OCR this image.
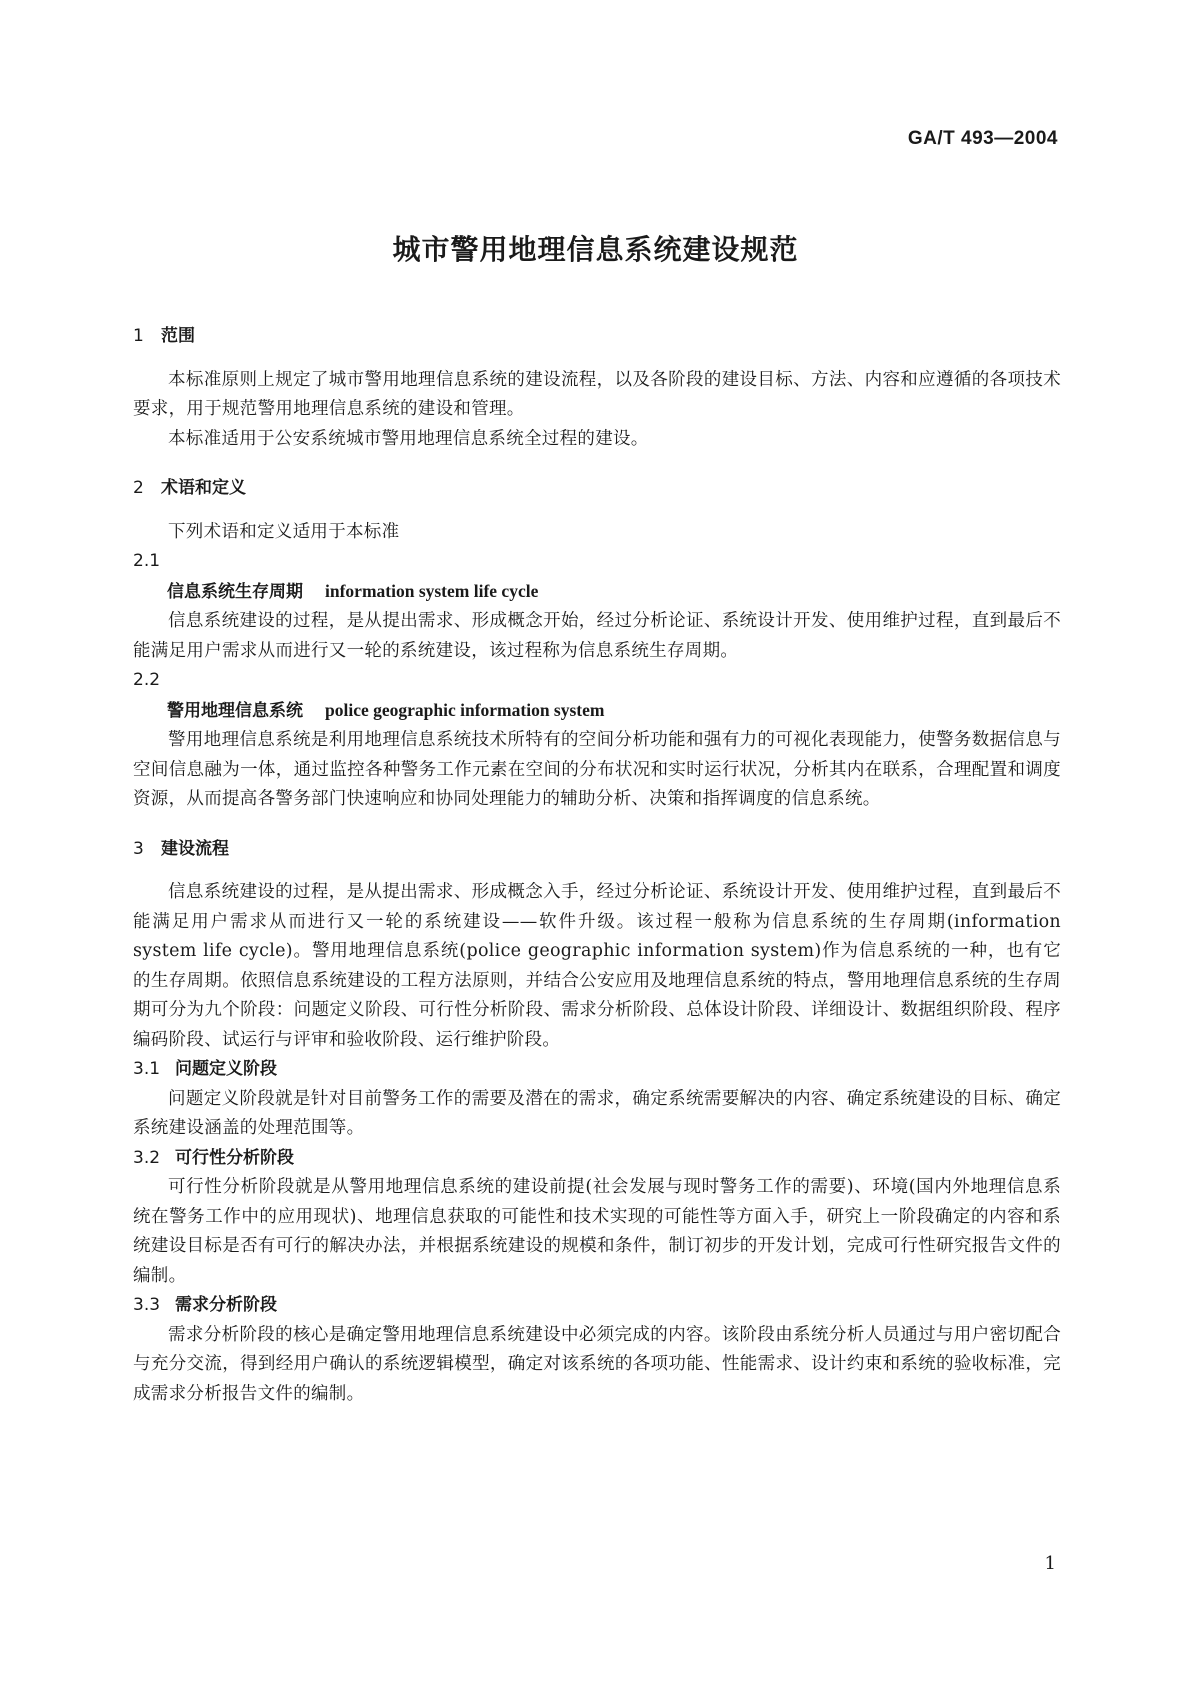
GA/T 493—2004
城市警用地理信息系统建设规范
1 范围

本标准原则上规定了城市警用地理信息系统的建设流程，以及各阶段的建设目标、方法、内容和应遵循的各项技术要求，用于规范警用地理信息系统的建设和管理。

本标准适用于公安系统城市警用地理信息系统全过程的建设。

2 术语和定义

下列术语和定义适用于本标准

2.1

信息系统生存周期 information system life cycle

信息系统建设的过程，是从提出需求、形成概念开始，经过分析论证、系统设计开发、使用维护过程，直到最后不能满足用户需求从而进行又一轮的系统建设，该过程称为信息系统生存周期。

2.2

警用地理信息系统 police geographic information system

警用地理信息系统是利用地理信息系统技术所特有的空间分析功能和强有力的可视化表现能力，使警务数据信息与空间信息融为一体，通过监控各种警务工作元素在空间的分布状况和实时运行状况，分析其内在联系，合理配置和调度资源，从而提高各警务部门快速响应和协同处理能力的辅助分析、决策和指挥调度的信息系统。

3 建设流程

信息系统建设的过程，是从提出需求、形成概念入手，经过分析论证、系统设计开发、使用维护过程，直到最后不能满足用户需求从而进行又一轮的系统建设——软件升级。该过程一般称为信息系统的生存周期(information system life cycle)。警用地理信息系统(police geographic information system)作为信息系统的一种，也有它的生存周期。依照信息系统建设的工程方法原则，并结合公安应用及地理信息系统的特点，警用地理信息系统的生存周期可分为九个阶段：问题定义阶段、可行性分析阶段、需求分析阶段、总体设计阶段、详细设计、数据组织阶段、程序编码阶段、试运行与评审和验收阶段、运行维护阶段。

3.1 问题定义阶段

问题定义阶段就是针对目前警务工作的需要及潜在的需求，确定系统需要解决的内容、确定系统建设的目标、确定系统建设涵盖的处理范围等。

3.2 可行性分析阶段

可行性分析阶段就是从警用地理信息系统的建设前提(社会发展与现时警务工作的需要)、环境(国内外地理信息系统在警务工作中的应用现状)、地理信息获取的可能性和技术实现的可能性等方面入手，研究上一阶段确定的内容和系统建设目标是否有可行的解决办法，并根据系统建设的规模和条件，制订初步的开发计划，完成可行性研究报告文件的编制。

3.3 需求分析阶段

需求分析阶段的核心是确定警用地理信息系统建设中必须完成的内容。该阶段由系统分析人员通过与用户密切配合与充分交流，得到经用户确认的系统逻辑模型，确定对该系统的各项功能、性能需求、设计约束和系统的验收标准，完成需求分析报告文件的编制。

1
